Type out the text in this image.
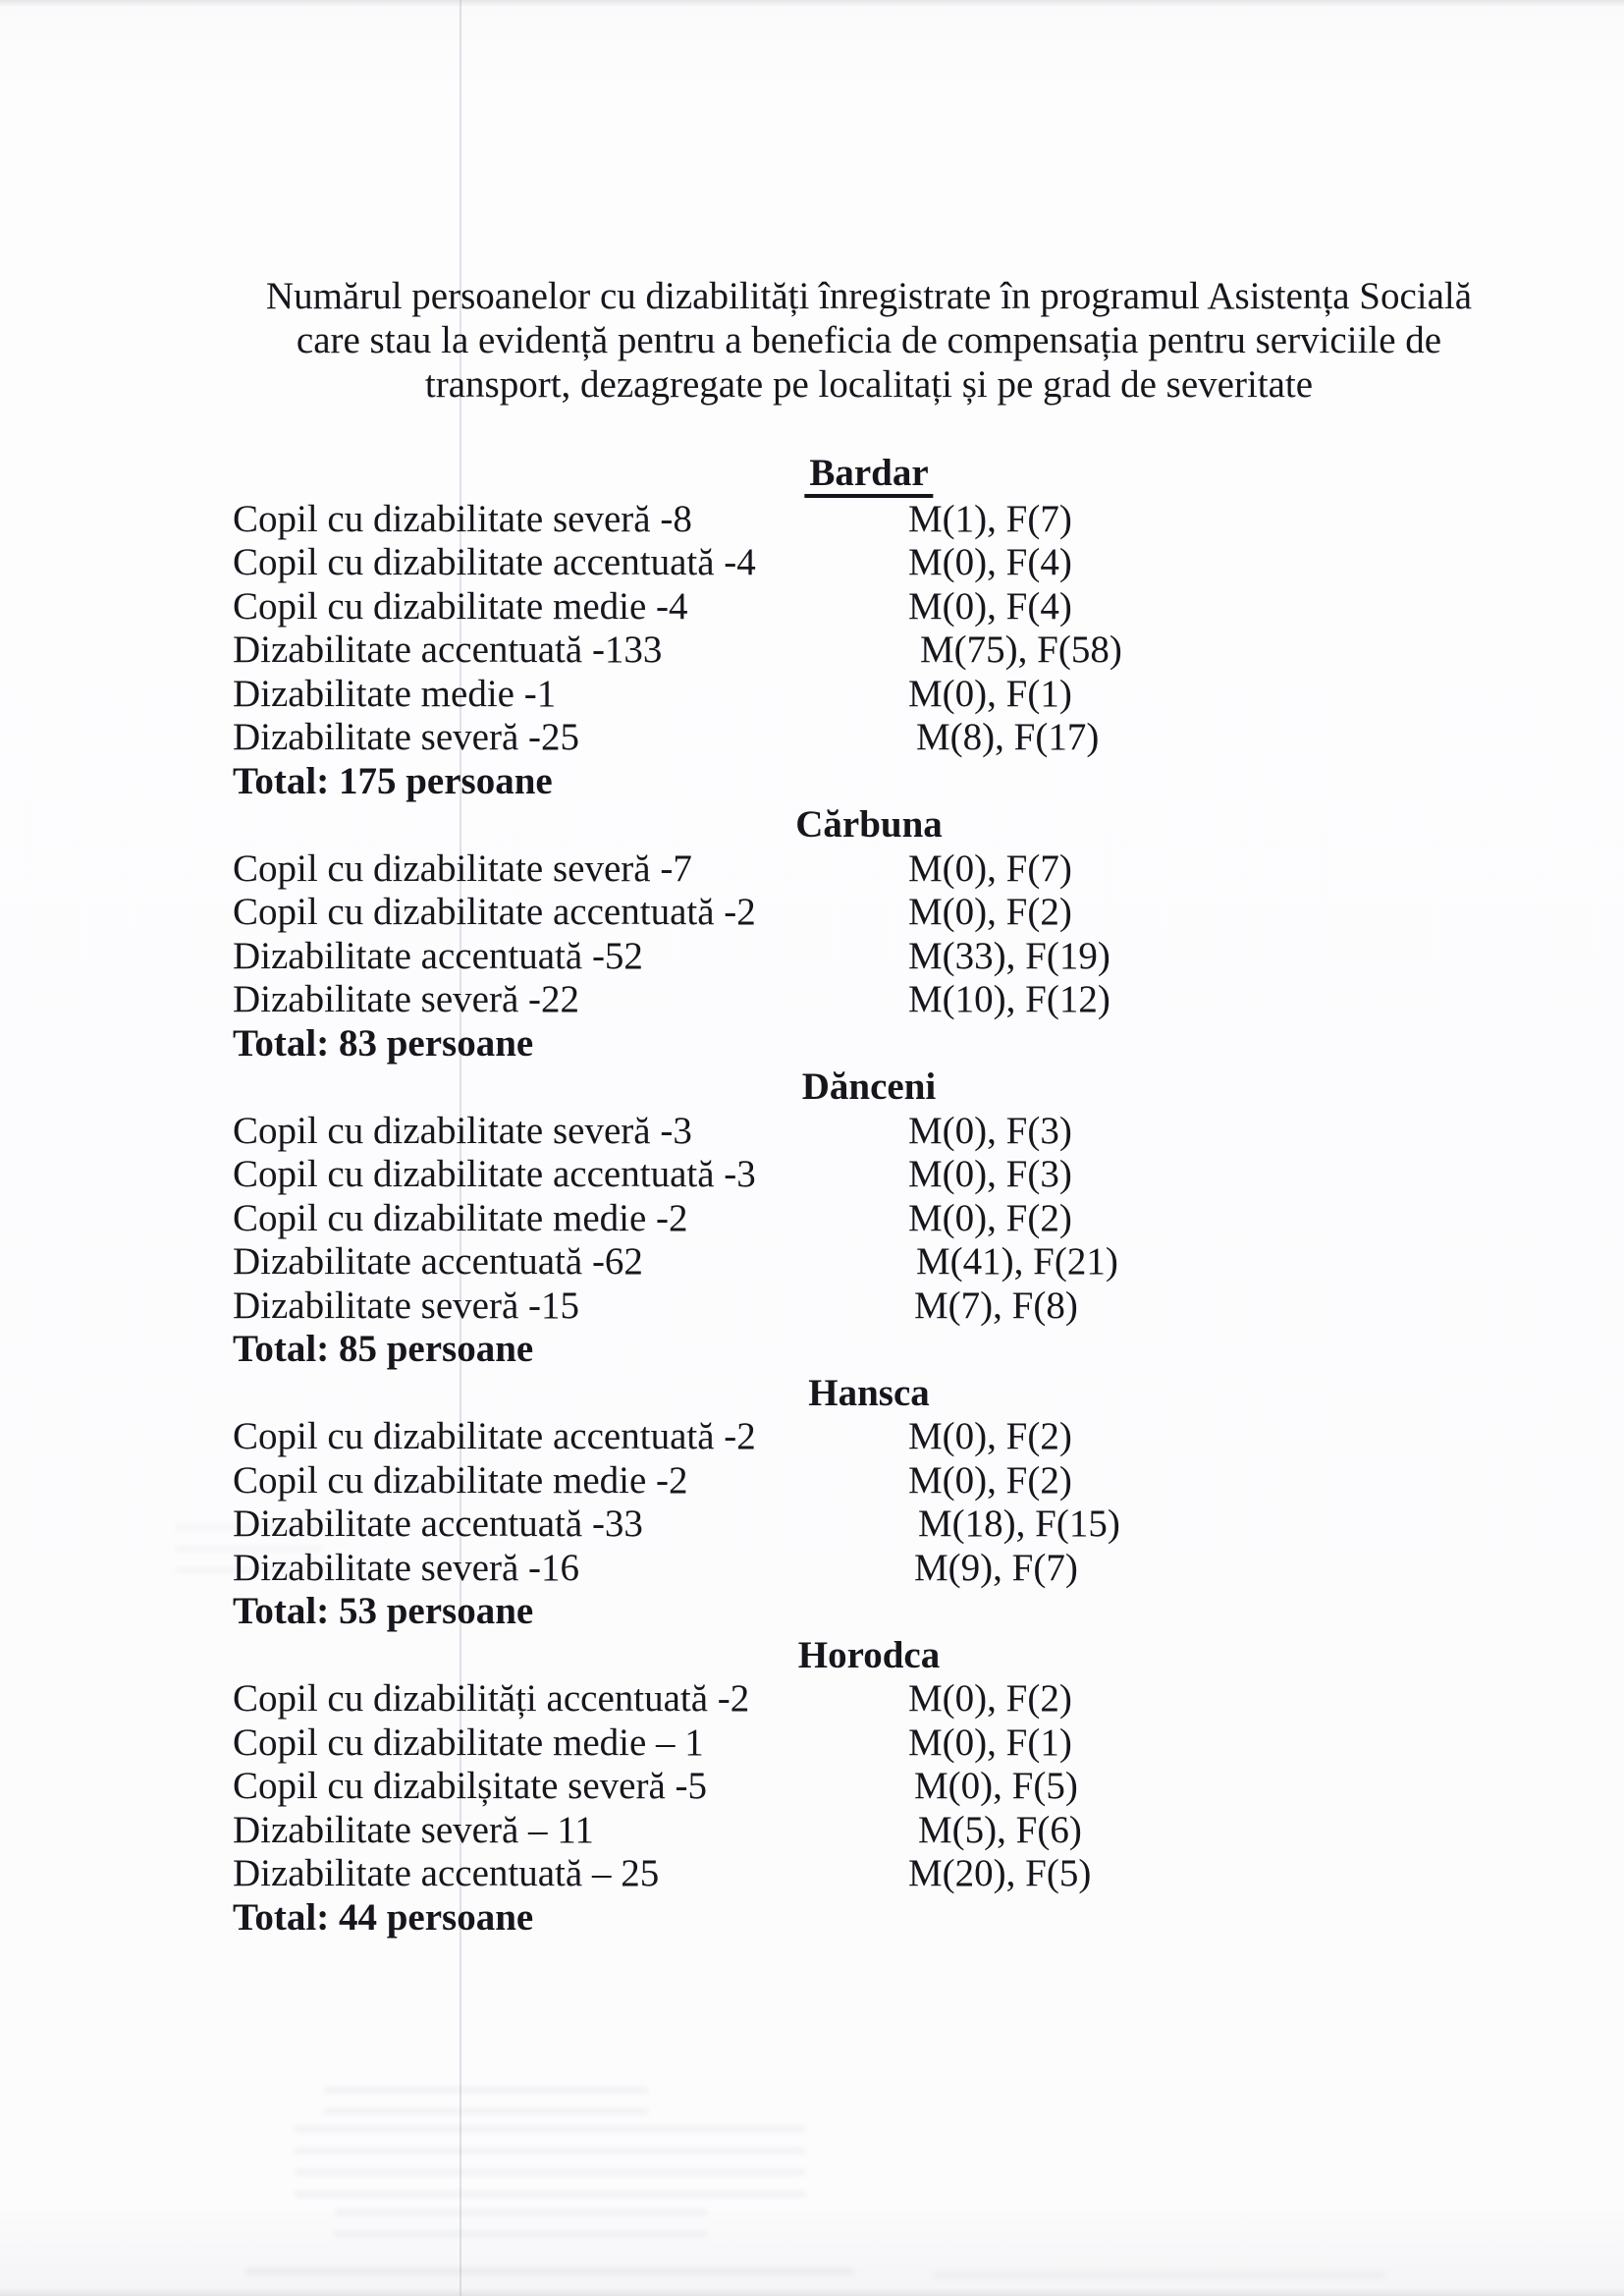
Numărul persoanelor cu dizabilități înregistrate în programul Asistența Socială
care stau la evidență pentru a beneficia de compensația pentru serviciile de
transport, dezagregate pe localitați și pe grad de severitate
Bardar
Copil cu dizabilitate severă -8	M(1), F(7)
Copil cu dizabilitate accentuată -4	M(0), F(4)
Copil cu dizabilitate medie -4	M(0), F(4)
Dizabilitate accentuată -133	M(75), F(58)
Dizabilitate medie -1	M(0), F(1)
Dizabilitate severă -25	M(8), F(17)
Total: 175 persoane
Cărbuna
Copil cu dizabilitate severă -7	M(0), F(7)
Copil cu dizabilitate accentuată -2	M(0), F(2)
Dizabilitate accentuată -52	M(33), F(19)
Dizabilitate severă -22	M(10), F(12)
Total: 83 persoane
Dănceni
Copil cu dizabilitate severă -3	M(0), F(3)
Copil cu dizabilitate accentuată -3	M(0), F(3)
Copil cu dizabilitate medie -2	M(0), F(2)
Dizabilitate accentuată -62	M(41), F(21)
Dizabilitate severă -15	M(7), F(8)
Total: 85 persoane
Hansca
Copil cu dizabilitate accentuată -2	M(0), F(2)
Copil cu dizabilitate medie -2	M(0), F(2)
Dizabilitate accentuată -33	M(18), F(15)
Dizabilitate severă -16	M(9), F(7)
Total: 53 persoane
Horodca
Copil cu dizabilități accentuată -2	M(0), F(2)
Copil cu dizabilitate medie – 1	M(0), F(1)
Copil cu dizabilșitate severă -5	M(0), F(5)
Dizabilitate severă – 11	M(5), F(6)
Dizabilitate accentuată – 25	M(20), F(5)
Total: 44 persoane
